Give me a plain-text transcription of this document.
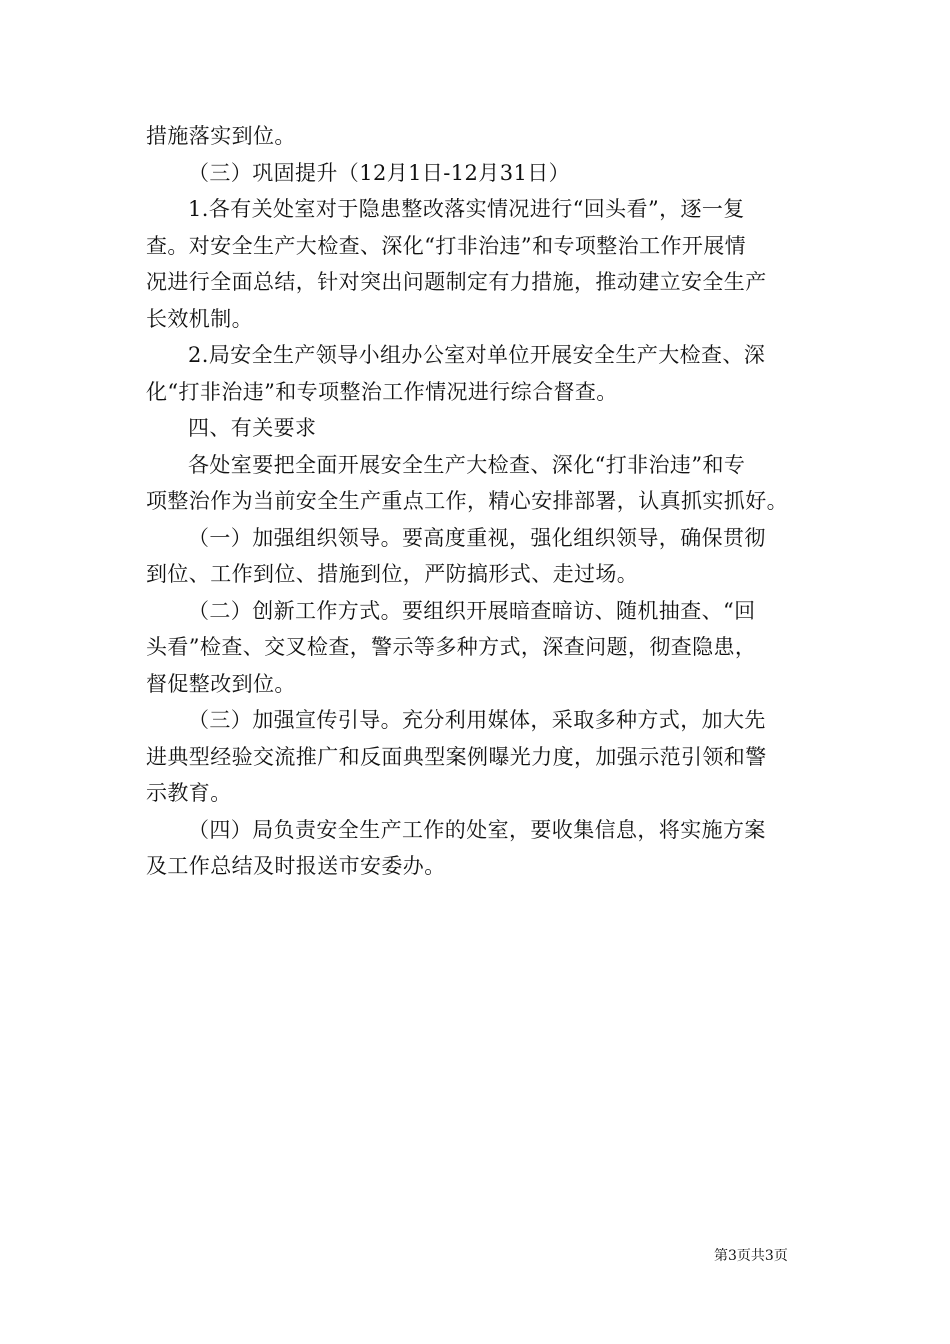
措施落实到位。
（三）巩固提升（12月1日-12月31日）
1.各有关处室对于隐患整改落实情况进行“回头看”，逐一复
查。对安全生产大检查、深化“打非治违”和专项整治工作开展情
况进行全面总结，针对突出问题制定有力措施，推动建立安全生产
长效机制。
2.局安全生产领导小组办公室对单位开展安全生产大检查、深
化“打非治违”和专项整治工作情况进行综合督查。
四、有关要求
各处室要把全面开展安全生产大检查、深化“打非治违”和专
项整治作为当前安全生产重点工作，精心安排部署，认真抓实抓好。
（一）加强组织领导。要高度重视，强化组织领导，确保贯彻
到位、工作到位、措施到位，严防搞形式、走过场。
（二）创新工作方式。要组织开展暗查暗访、随机抽查、“回
头看”检查、交叉检查，警示等多种方式，深查问题，彻查隐患，
督促整改到位。
（三）加强宣传引导。充分利用媒体，采取多种方式，加大先
进典型经验交流推广和反面典型案例曝光力度，加强示范引领和警
示教育。
（四）局负责安全生产工作的处室，要收集信息，将实施方案
及工作总结及时报送市安委办。
第3页共3页
